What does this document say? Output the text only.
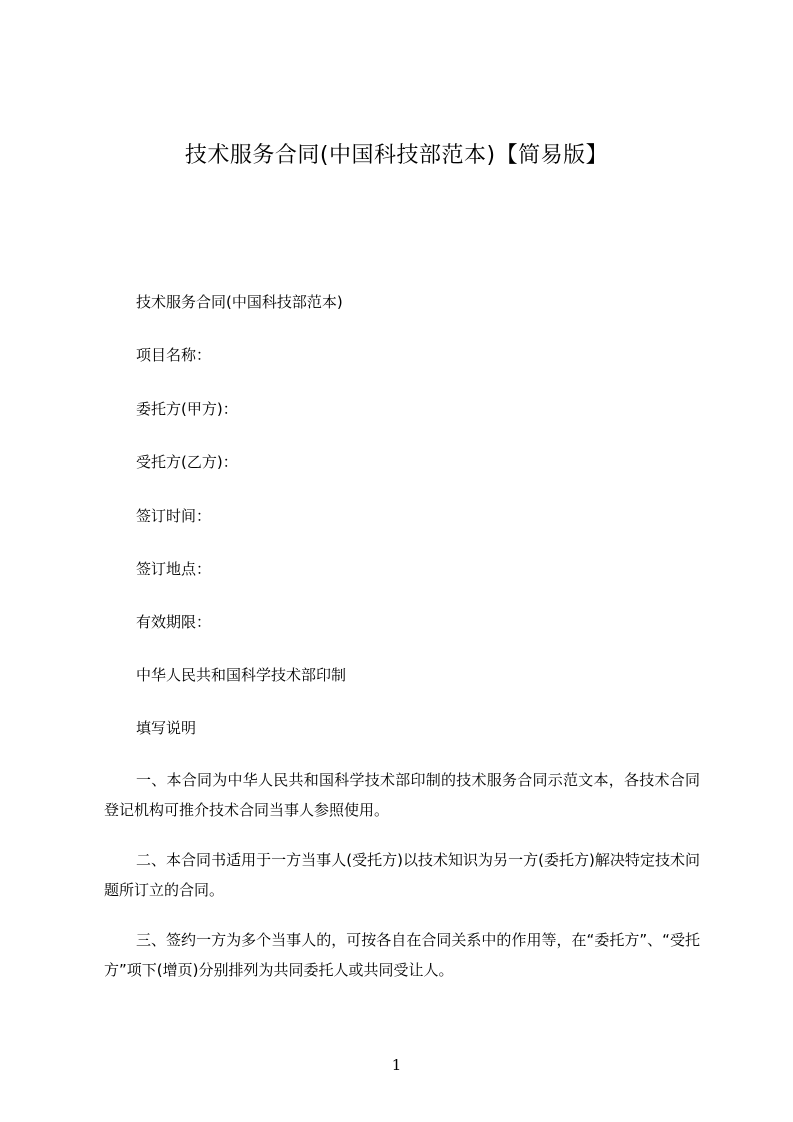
技术服务合同(中国科技部范本)【简易版】
技术服务合同(中国科技部范本)
项目名称：
委托方(甲方)：
受托方(乙方)：
签订时间：
签订地点：
有效期限：
中华人民共和国科学技术部印制
填写说明
一、本合同为中华人民共和国科学技术部印制的技术服务合同示范文本，各技术合同登记机构可推介技术合同当事人参照使用。
二、本合同书适用于一方当事人(受托方)以技术知识为另一方(委托方)解决特定技术问题所订立的合同。
三、签约一方为多个当事人的，可按各自在合同关系中的作用等，在“委托方”、“受托方”项下(增页)分别排列为共同委托人或共同受让人。
1
